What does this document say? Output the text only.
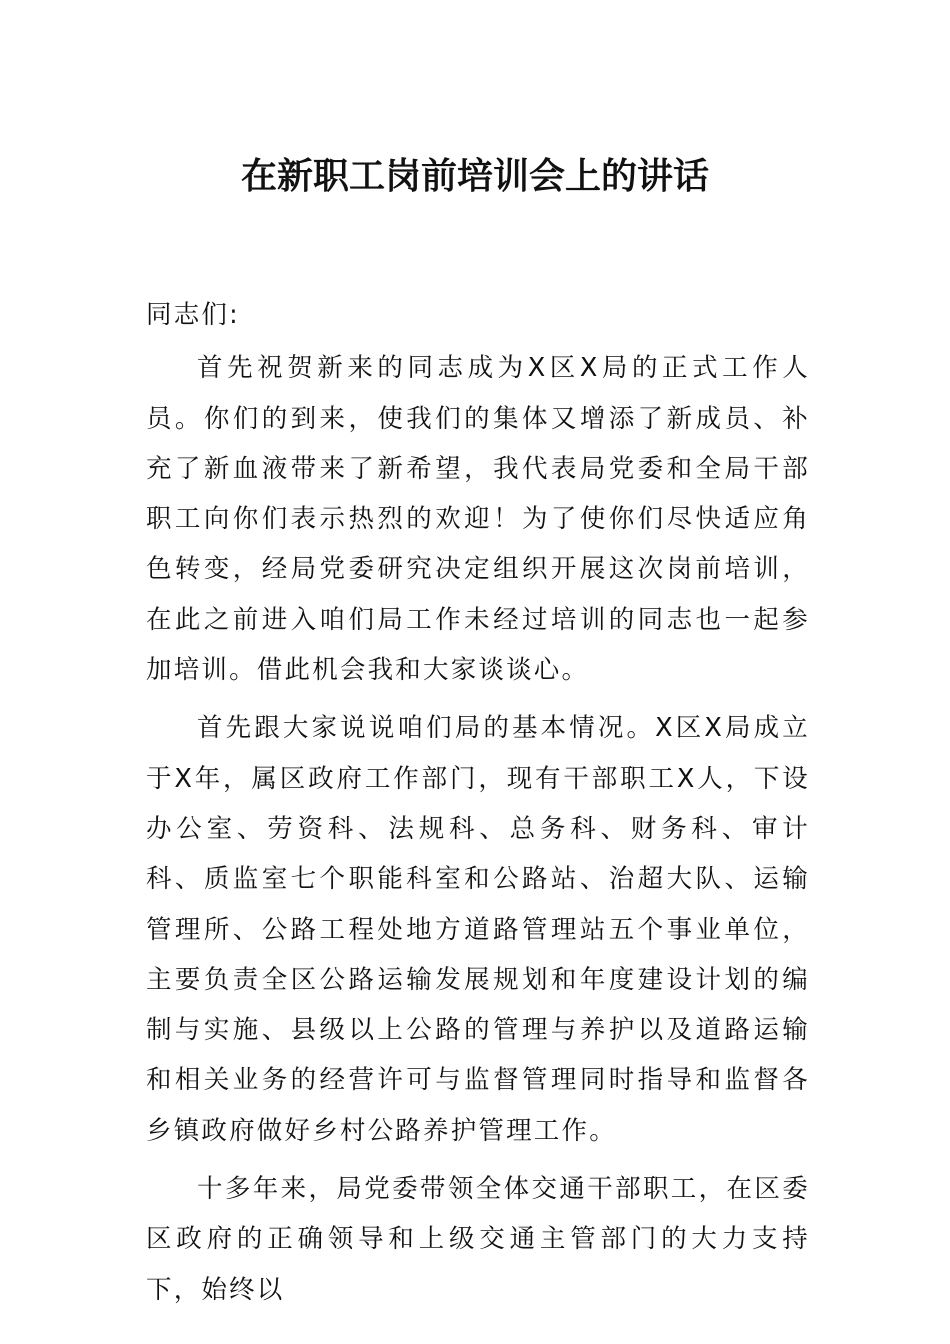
在新职工岗前培训会上的讲话

同志们:

首先祝贺新来的同志成为X区X局的正式工作人员。你们的到来，使我们的集体又增添了新成员、补充了新血液带来了新希望，我代表局党委和全局干部职工向你们表示热烈的欢迎！为了使你们尽快适应角色转变，经局党委研究决定组织开展这次岗前培训，在此之前进入咱们局工作未经过培训的同志也一起参加培训。借此机会我和大家谈谈心。

首先跟大家说说咱们局的基本情况。X区X局成立于X年，属区政府工作部门，现有干部职工X人，下设办公室、劳资科、法规科、总务科、财务科、审计科、质监室七个职能科室和公路站、治超大队、运输管理所、公路工程处地方道路管理站五个事业单位，主要负责全区公路运输发展规划和年度建设计划的编制与实施、县级以上公路的管理与养护以及道路运输和相关业务的经营许可与监督管理同时指导和监督各乡镇政府做好乡村公路养护管理工作。

十多年来，局党委带领全体交通干部职工，在区委区政府的正确领导和上级交通主管部门的大力支持下，始终以
